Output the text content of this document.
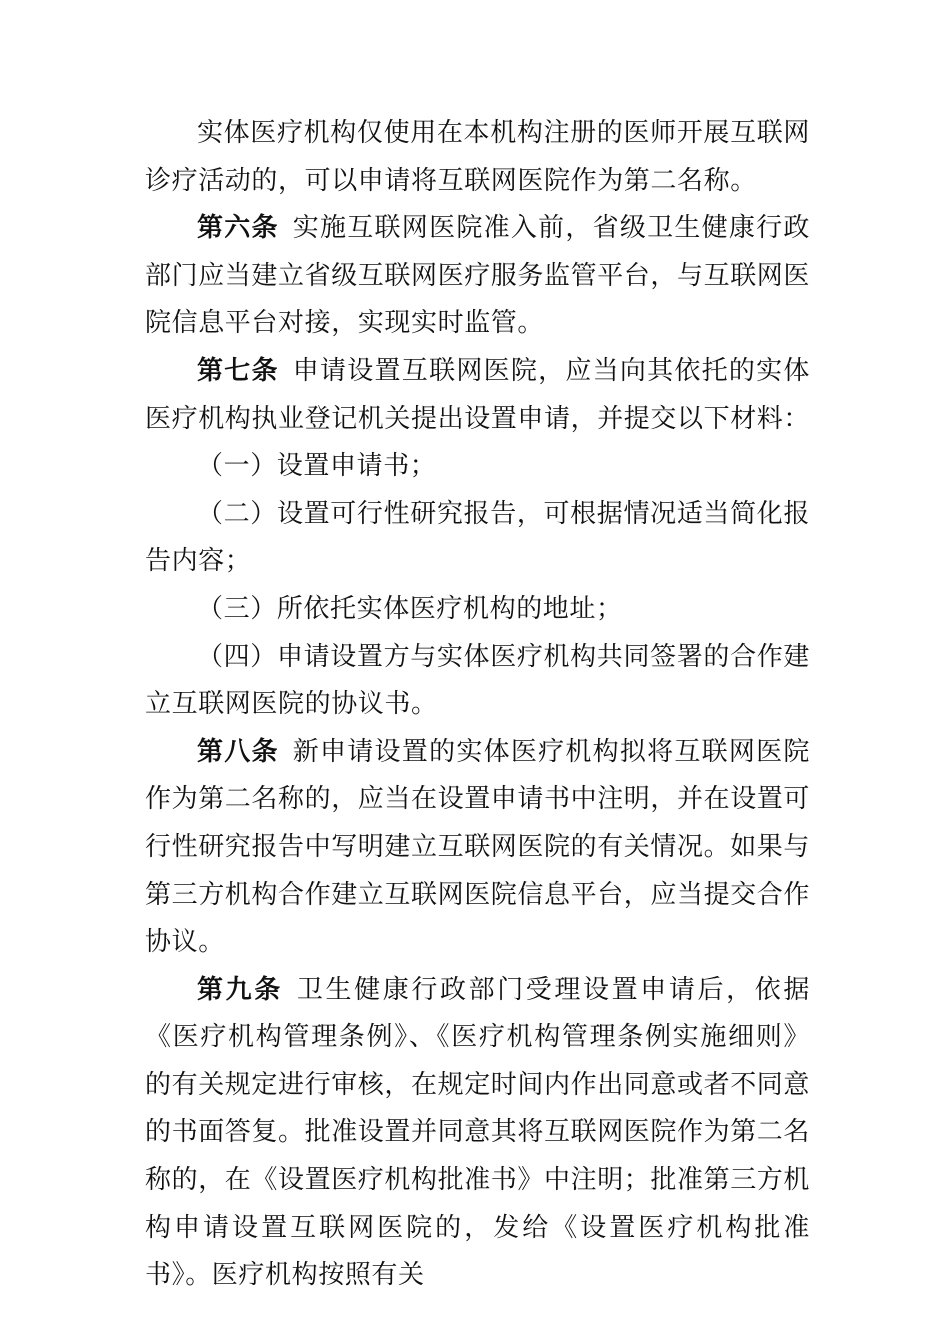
实体医疗机构仅使用在本机构注册的医师开展互联网诊疗活动的，可以申请将互联网医院作为第二名称。

第六条 实施互联网医院准入前，省级卫生健康行政部门应当建立省级互联网医疗服务监管平台，与互联网医院信息平台对接，实现实时监管。

第七条 申请设置互联网医院，应当向其依托的实体医疗机构执业登记机关提出设置申请，并提交以下材料：

（一）设置申请书；

（二）设置可行性研究报告，可根据情况适当简化报告内容；

（三）所依托实体医疗机构的地址；

（四）申请设置方与实体医疗机构共同签署的合作建立互联网医院的协议书。

第八条 新申请设置的实体医疗机构拟将互联网医院作为第二名称的，应当在设置申请书中注明，并在设置可行性研究报告中写明建立互联网医院的有关情况。如果与第三方机构合作建立互联网医院信息平台，应当提交合作协议。

第九条 卫生健康行政部门受理设置申请后，依据《医疗机构管理条例》、《医疗机构管理条例实施细则》的有关规定进行审核，在规定时间内作出同意或者不同意的书面答复。批准设置并同意其将互联网医院作为第二名称的，在《设置医疗机构批准书》中注明；批准第三方机构申请设置互联网医院的，发给《设置医疗机构批准书》。医疗机构按照有关
